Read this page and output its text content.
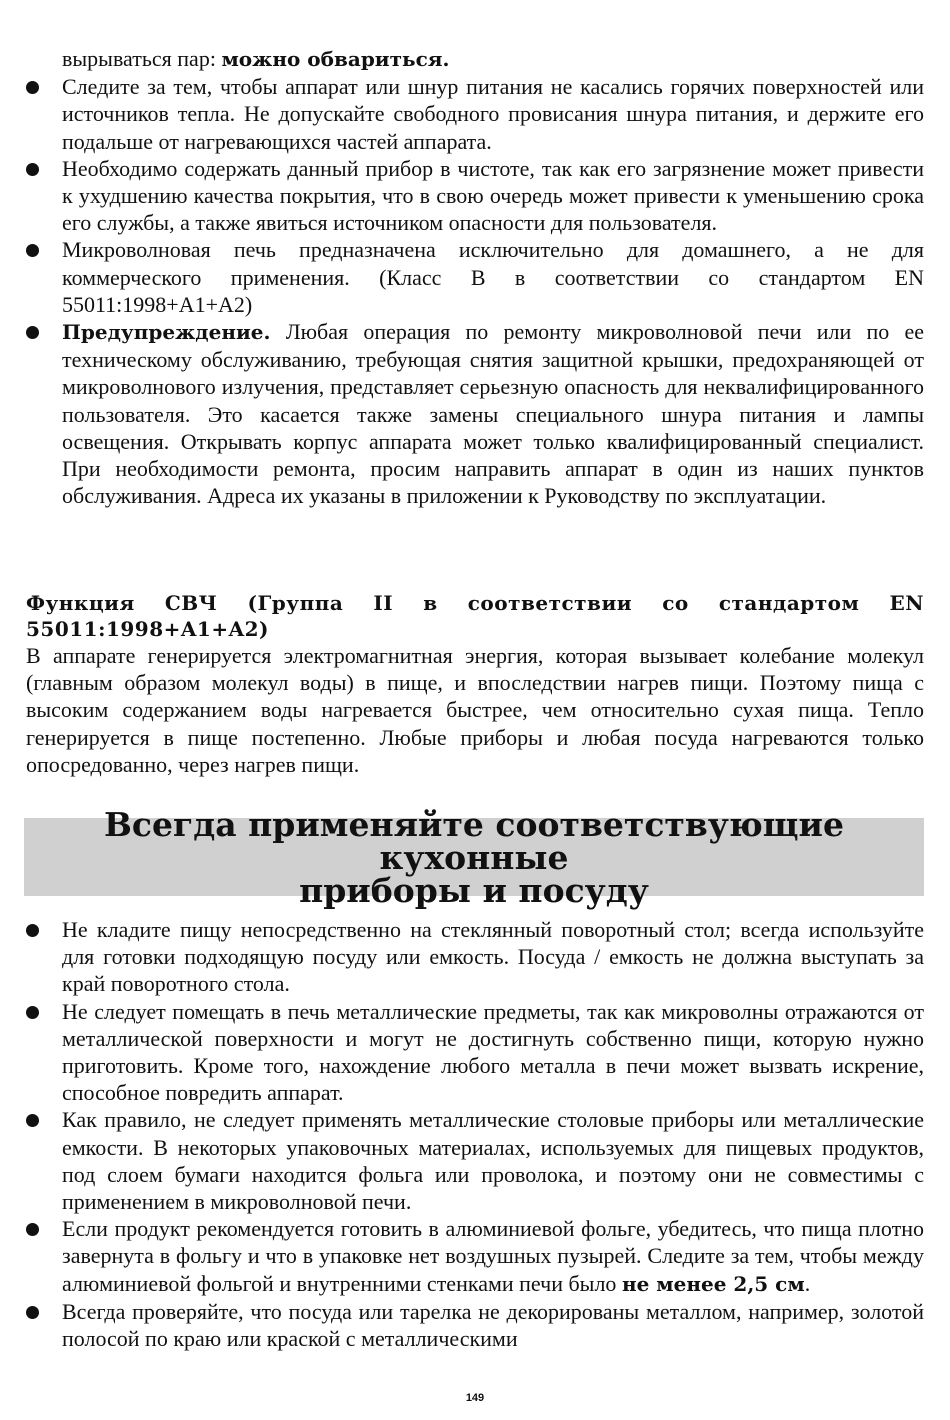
вырываться пар: можно обвариться.
Следите за тем, чтобы аппарат или шнур питания не касались горячих поверхностей или источников тепла. Не допускайте свободного провисания шнура питания, и держите его подальше от нагревающихся частей аппарата.
Необходимо содержать данный прибор в чистоте, так как его загрязнение может привести к ухудшению качества покрытия, что в свою очередь может привести к уменьшению срока его службы, а также явиться источником опасности для пользователя.
Микроволновая печь предназначена исключительно для домашнего, а не для коммерческого применения. (Класс B в соответствии со стандартом EN 55011:1998+A1+A2)
Предупреждение. Любая операция по ремонту микроволновой печи или по ее техническому обслуживанию, требующая снятия защитной крышки, предохраняющей от микроволнового излучения, представляет серьезную опасность для неквалифицированного пользователя. Это касается также замены специального шнура питания и лампы освещения. Открывать корпус аппарата может только квалифицированный специалист. При необходимости ремонта, просим направить аппарат в один из наших пунктов обслуживания. Адреса их указаны в приложении к Руководству по эксплуатации.

Функция СВЧ (Группа II в соответствии со стандартом EN 55011:1998+A1+A2)

В аппарате генерируется электромагнитная энергия, которая вызывает колебание молекул (главным образом молекул воды) в пище, и впоследствии нагрев пищи. Поэтому пища с высоким содержанием воды нагревается быстрее, чем относительно сухая пища. Тепло генерируется в пище постепенно. Любые приборы и любая посуда нагреваются только опосредованно, через нагрев пищи.

Всегда применяйте соответствующие кухонные
приборы и посуду

Не кладите пищу непосредственно на стеклянный поворотный стол; всегда используйте для готовки подходящую посуду или емкость. Посуда / емкость не должна выступать за край поворотного стола.
Не следует помещать в печь металлические предметы, так как микроволны отражаются от металлической поверхности и могут не достигнуть собственно пищи, которую нужно приготовить. Кроме того, нахождение любого металла в печи может вызвать искрение, способное повредить аппарат.
Как правило, не следует применять металлические столовые приборы или металлические емкости. В некоторых упаковочных материалах, используемых для пищевых продуктов, под слоем бумаги находится фольга или проволока, и поэтому они не совместимы с применением в микроволновой печи.
Если продукт рекомендуется готовить в алюминиевой фольге, убедитесь, что пища плотно завернута в фольгу и что в упаковке нет воздушных пузырей. Следите за тем, чтобы между алюминиевой фольгой и внутренними стенками печи было не менее 2,5 см.
Всегда проверяйте, что посуда или тарелка не декорированы металлом, например, золотой полосой по краю или краской с металлическими
149
